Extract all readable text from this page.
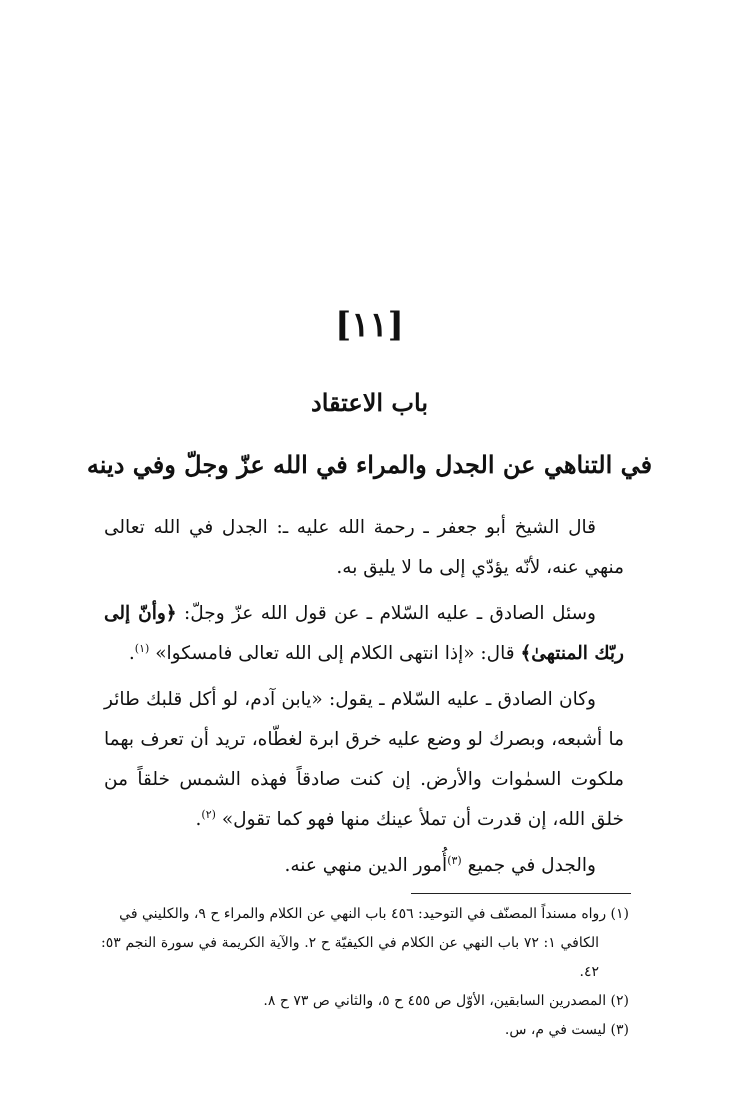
[١١]
باب الاعتقاد
في التناهي عن الجدل والمراء في الله عزّ وجلّ وفي دينه

قال الشيخ أبو جعفر ـ رحمة الله عليه ـ: الجدل في الله تعالى منهي عنه، لأنّه يؤدّي إلى ما لا يليق به.

وسئل الصادق ـ عليه السّلام ـ عن قول الله عزّ وجلّ: ﴿وأنّ إلى ربّك المنتهىٰ﴾ قال: «إذا انتهى الكلام إلى الله تعالى فامسكوا» $^{(١)}$.

وكان الصادق ـ عليه السّلام ـ يقول: «يابن آدم، لو أكل قلبك طائر ما أشبعه، وبصرك لو وضع عليه خرق ابرة لغطّاه، تريد أن تعرف بهما ملكوت السمٰوات والأرض. إن كنت صادقاً فهذه الشمس خلقاً من خلق الله، إن قدرت أن تملأ عينك منها فهو كما تقول» $^{(٢)}$.

والجدل في جميع $^{(٣)}$أُمور الدين منهي عنه.

(١) رواه مسنداً المصنّف في التوحيد: ٤٥٦ باب النهي عن الكلام والمراء ح ٩، والكليني في

الكافي ١: ٧٢ باب النهي عن الكلام في الكيفيّة ح ٢. والآية الكريمة في سورة النجم ٥٣: ٤٢.

(٢) المصدرين السابقين، الأوّل ص ٤٥٥ ح ٥، والثاني ص ٧٣ ح ٨.

(٣) ليست في م، س.
